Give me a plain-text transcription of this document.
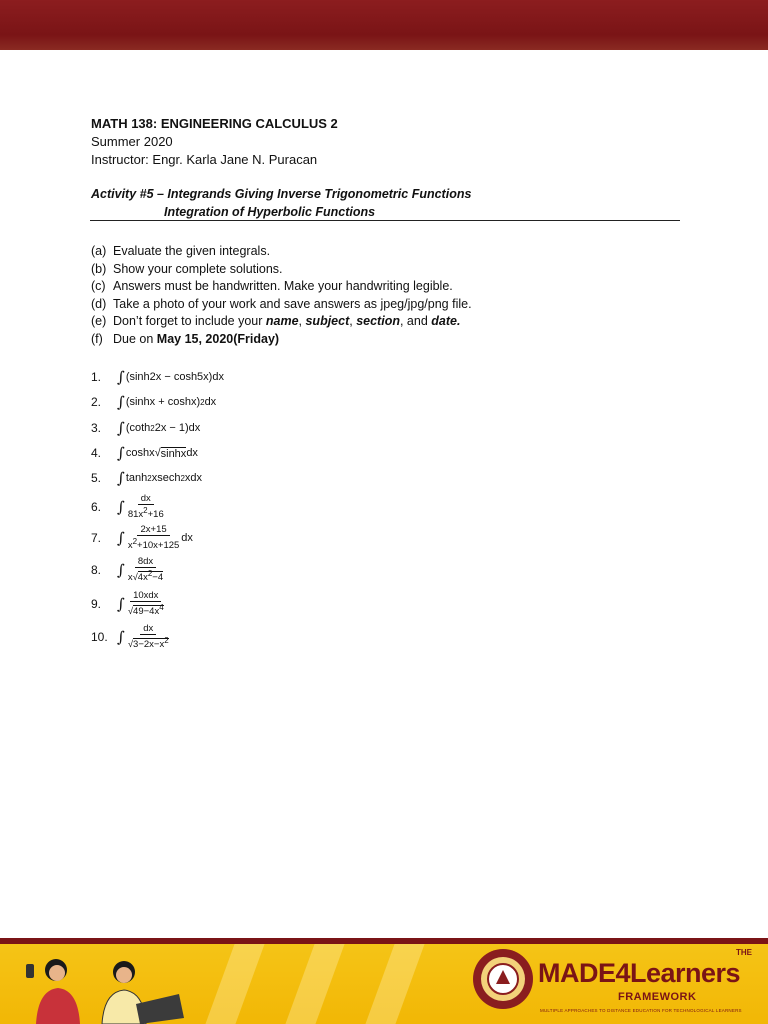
MATH 138: ENGINEERING CALCULUS 2
Summer 2020
Instructor: Engr. Karla Jane N. Puracan
Activity #5 – Integrands Giving Inverse Trigonometric Functions
Integration of Hyperbolic Functions
(a) Evaluate the given integrals.
(b) Show your complete solutions.
(c) Answers must be handwritten. Make your handwriting legible.
(d) Take a photo of your work and save answers as jpeg/jpg/png file.
(e) Don’t forget to include your name, subject, section, and date.
(f) Due on May 15, 2020(Friday)
1.	∫ (sinh2x − cosh5x)dx
2.	∫ (sinhx + coshx) 2 dx
3.	∫ (coth 2 2x − 1)dx
4.	∫ coshx √ sinhx dx
5.	∫ tanh 2 xsech 2 xdx
6.	∫ $\frac{dx}{81x^2+16}$
7.	∫ $\frac{2x+15}{x^2+10x+125}$ dx
8.	∫ $\frac{8dx}{x√4x^2-4}$
9.	∫ $\frac{\text{10xdx}}{√49-4x^4}$
10. ∫ $\frac{dx}{√3-2x-x^2}$
THE
MADE4Learners
FRAMEWORK
MULTIPLE APPROACHES TO DISTANCE EDUCATION FOR TECHNOLOGICAL LEARNERS
